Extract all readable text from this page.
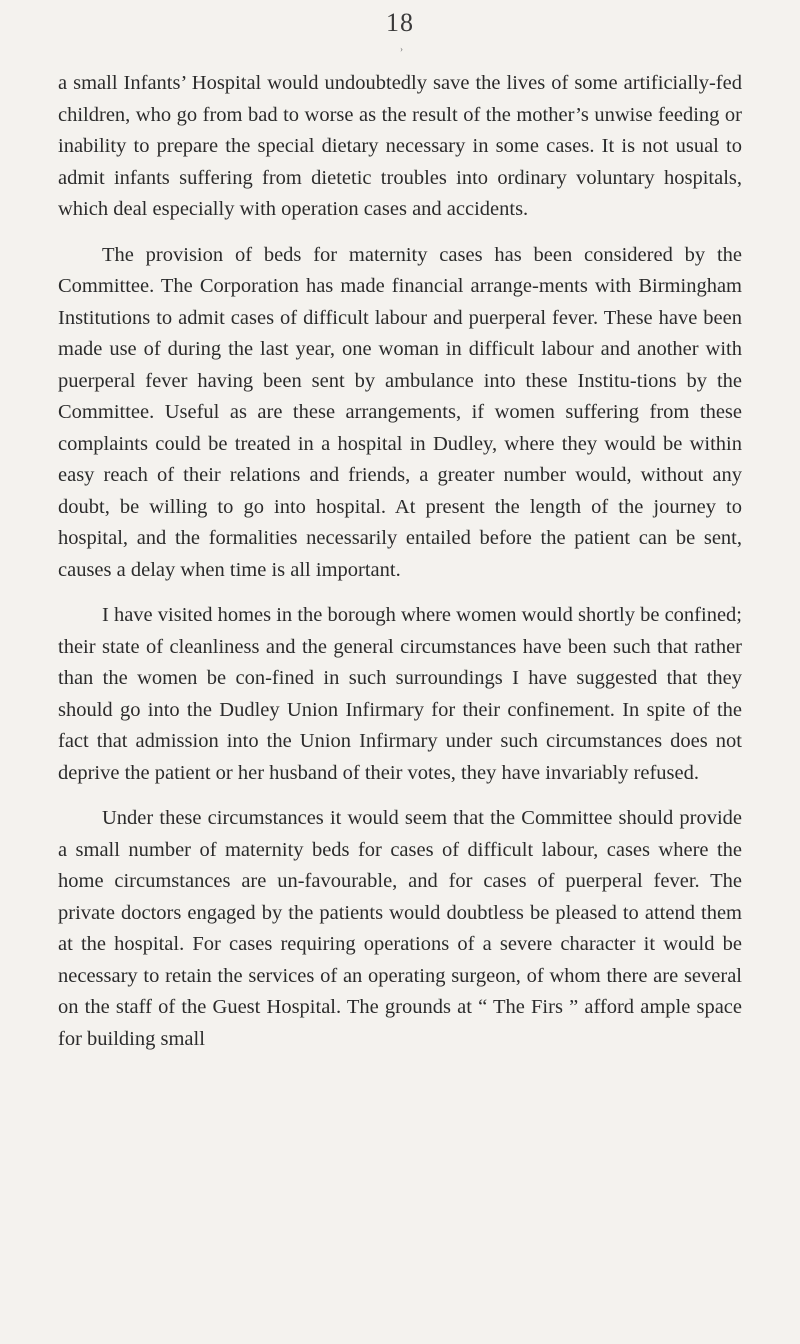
›
18

a small Infants’ Hospital would undoubtedly save the lives of some artificially-fed children, who go from bad to worse as the result of the mother’s unwise feeding or inability to prepare the special dietary necessary in some cases. It is not usual to admit infants suffering from dietetic troubles into ordinary voluntary hospitals, which deal especially with operation cases and accidents.

The provision of beds for maternity cases has been considered by the Committee. The Corporation has made financial arrange-ments with Birmingham Institutions to admit cases of difficult labour and puerperal fever. These have been made use of during the last year, one woman in difficult labour and another with puerperal fever having been sent by ambulance into these Institu-tions by the Committee. Useful as are these arrangements, if women suffering from these complaints could be treated in a hospital in Dudley, where they would be within easy reach of their relations and friends, a greater number would, without any doubt, be willing to go into hospital. At present the length of the journey to hospital, and the formalities necessarily entailed before the patient can be sent, causes a delay when time is all important.

I have visited homes in the borough where women would shortly be confined; their state of cleanliness and the general circumstances have been such that rather than the women be con-fined in such surroundings I have suggested that they should go into the Dudley Union Infirmary for their confinement. In spite of the fact that admission into the Union Infirmary under such circumstances does not deprive the patient or her husband of their votes, they have invariably refused.

Under these circumstances it would seem that the Committee should provide a small number of maternity beds for cases of difficult labour, cases where the home circumstances are un-favourable, and for cases of puerperal fever. The private doctors engaged by the patients would doubtless be pleased to attend them at the hospital. For cases requiring operations of a severe character it would be necessary to retain the services of an operating surgeon, of whom there are several on the staff of the Guest Hospital. The grounds at “ The Firs ” afford ample space for building small
